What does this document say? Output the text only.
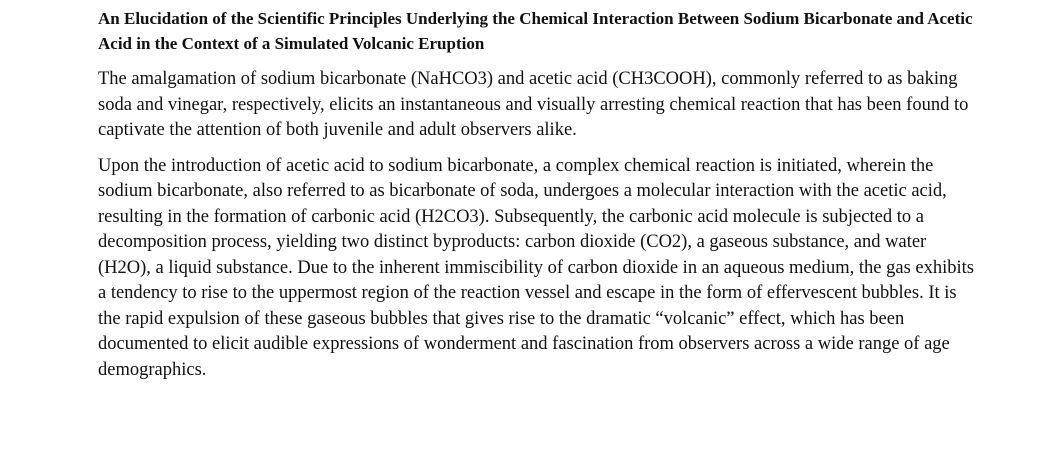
An Elucidation of the Scientific Principles Underlying the Chemical Interaction Between Sodium Bicarbonate and Acetic Acid in the Context of a Simulated Volcanic Eruption

The amalgamation of sodium bicarbonate (NaHCO3) and acetic acid (CH3COOH), commonly referred to as baking soda and vinegar, respectively, elicits an instantaneous and visually arresting chemical reaction that has been found to captivate the attention of both juvenile and adult observers alike.

Upon the introduction of acetic acid to sodium bicarbonate, a complex chemical reaction is initiated, wherein the sodium bicarbonate, also referred to as bicarbonate of soda, undergoes a molecular interaction with the acetic acid, resulting in the formation of carbonic acid (H2CO3). Subsequently, the carbonic acid molecule is subjected to a decomposition process, yielding two distinct byproducts: carbon dioxide (CO2), a gaseous substance, and water (H2O), a liquid substance. Due to the inherent immiscibility of carbon dioxide in an aqueous medium, the gas exhibits a tendency to rise to the uppermost region of the reaction vessel and escape in the form of effervescent bubbles. It is the rapid expulsion of these gaseous bubbles that gives rise to the dramatic “volcanic” effect, which has been documented to elicit audible expressions of wonderment and fascination from observers across a wide range of age demographics.
